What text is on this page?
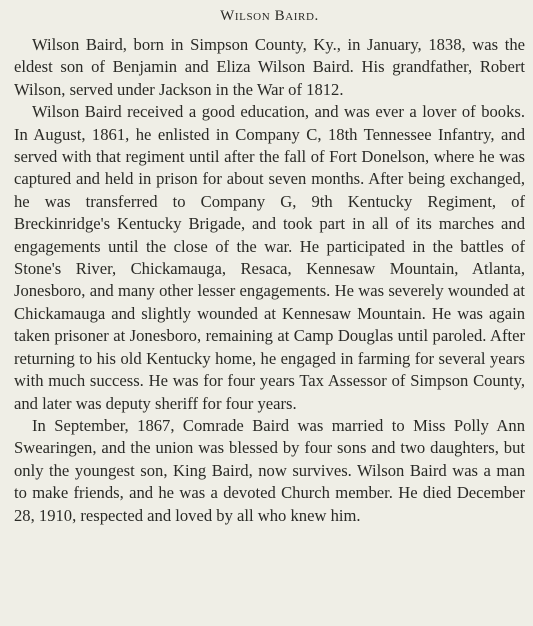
Wilson Baird.

Wilson Baird, born in Simpson County, Ky., in January, 1838, was the eldest son of Benjamin and Eliza Wilson Baird. His grandfather, Robert Wilson, served under Jackson in the War of 1812.

Wilson Baird received a good education, and was ever a lover of books. In August, 1861, he enlisted in Company C, 18th Tennessee Infantry, and served with that regiment until after the fall of Fort Donelson, where he was captured and held in prison for about seven months. After being exchanged, he was transferred to Company G, 9th Kentucky Regiment, of Breckinridge's Kentucky Brigade, and took part in all of its marches and engagements until the close of the war. He participated in the battles of Stone's River, Chickamauga, Resaca, Kennesaw Mountain, Atlanta, Jonesboro, and many other lesser engagements. He was severely wounded at Chickamauga and slightly wounded at Kennesaw Mountain. He was again taken prisoner at Jonesboro, remaining at Camp Douglas until paroled. After returning to his old Kentucky home, he engaged in farming for several years with much success. He was for four years Tax Assessor of Simpson County, and later was deputy sheriff for four years.

In September, 1867, Comrade Baird was married to Miss Polly Ann Swearingen, and the union was blessed by four sons and two daughters, but only the youngest son, King Baird, now survives. Wilson Baird was a man to make friends, and he was a devoted Church member. He died December 28, 1910, respected and loved by all who knew him.
